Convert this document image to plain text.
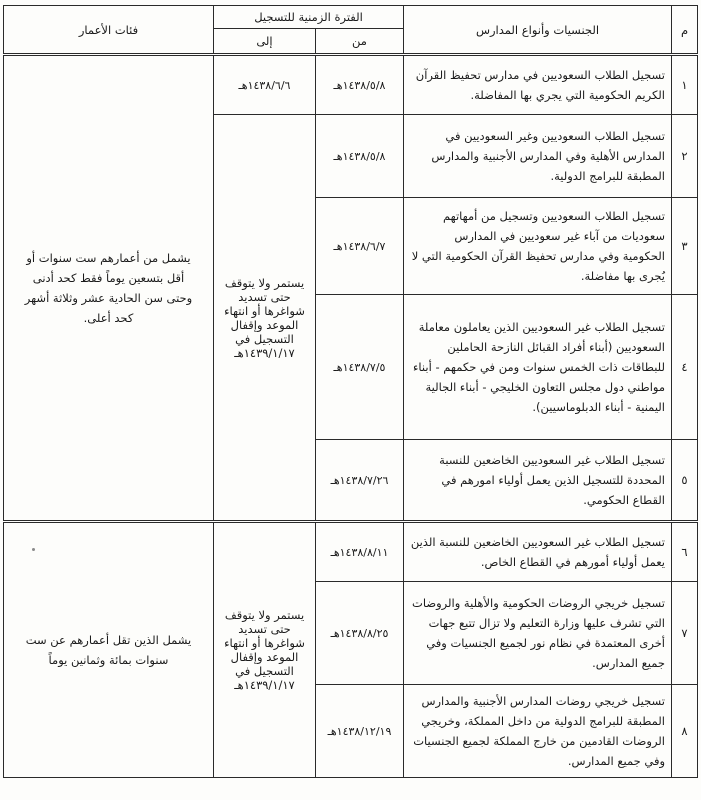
م	الجنسيات وأنواع المدارس	الفترة الزمنية للتسجيل		فئات الأعمار
		من	إلى	
١	تسجيل الطلاب السعوديين في مدارس تحفيظ القرآن الكريم الحكومية التي يجري بها المفاضلة.	١٤٣٨/٥/٨هـ	١٤٣٨/٦/٦هـ	يشمل من أعمارهم ست سنوات أو أقل بتسعين يوماً فقط كحد أدنى وحتى سن الحادية عشر وثلاثة أشهر كحد أعلى.

٢	تسجيل الطلاب السعوديين وغير السعوديين في المدارس الأهلية وفي المدارس الأجنبية والمدارس المطبقة للبرامج الدولية.	١٤٣٨/٥/٨هـ	يستمر ولا يتوقف حتى تسديد شواغرها أو انتهاء الموعد وإقفال التسجيل في ١٤٣٩/١/١٧هـ	

٣	تسجيل الطلاب السعوديين وتسجيل من أمهاتهم سعوديات من آباء غير سعوديين في المدارس الحكومية وفي مدارس تحفيظ القرآن الحكومية التي لا يُجرى بها مفاضلة.	١٤٣٨/٦/٧هـ		
٤	تسجيل الطلاب غير السعوديين الذين يعاملون معاملة السعوديين (أبناء أفراد القبائل النازحة الحاملين للبطاقات ذات الخمس سنوات ومن في حكمهم - أبناء مواطني دول مجلس التعاون الخليجي - أبناء الجالية اليمنية - أبناء الدبلوماسيين).	١٤٣٨/٧/٥هـ		
٥	تسجيل الطلاب غير السعوديين الخاضعين للنسبة المحددة للتسجيل الذين يعمل أولياء امورهم في القطاع الحكومي.	١٤٣٨/٧/٢٦هـ		
٦	تسجيل الطلاب غير السعوديين الخاضعين للنسبة الذين يعمل أولياء أمورهم في القطاع الخاص.	١٤٣٨/٨/١١هـ	يستمر ولا يتوقف حتى تسديد شواغرها أو انتهاء الموعد وإقفال التسجيل في ١٤٣٩/١/١٧هـ	يشمل الذين تقل أعمارهم عن ست سنوات بمائة وثمانين يوماً

٧	تسجيل خريجي الروضات الحكومية والأهلية والروضات التي تشرف عليها وزارة التعليم ولا تزال تتبع جهات أخرى المعتمدة في نظام نور لجميع الجنسيات وفي جميع المدارس.	١٤٣٨/٨/٢٥هـ		
٨	تسجيل خريجي روضات المدارس الأجنبية والمدارس المطبقة للبرامج الدولية من داخل المملكة، وخريجي الروضات القادمين من خارج المملكة لجميع الجنسيات وفي جميع المدارس.	١٤٣٨/١٢/١٩هـ		
